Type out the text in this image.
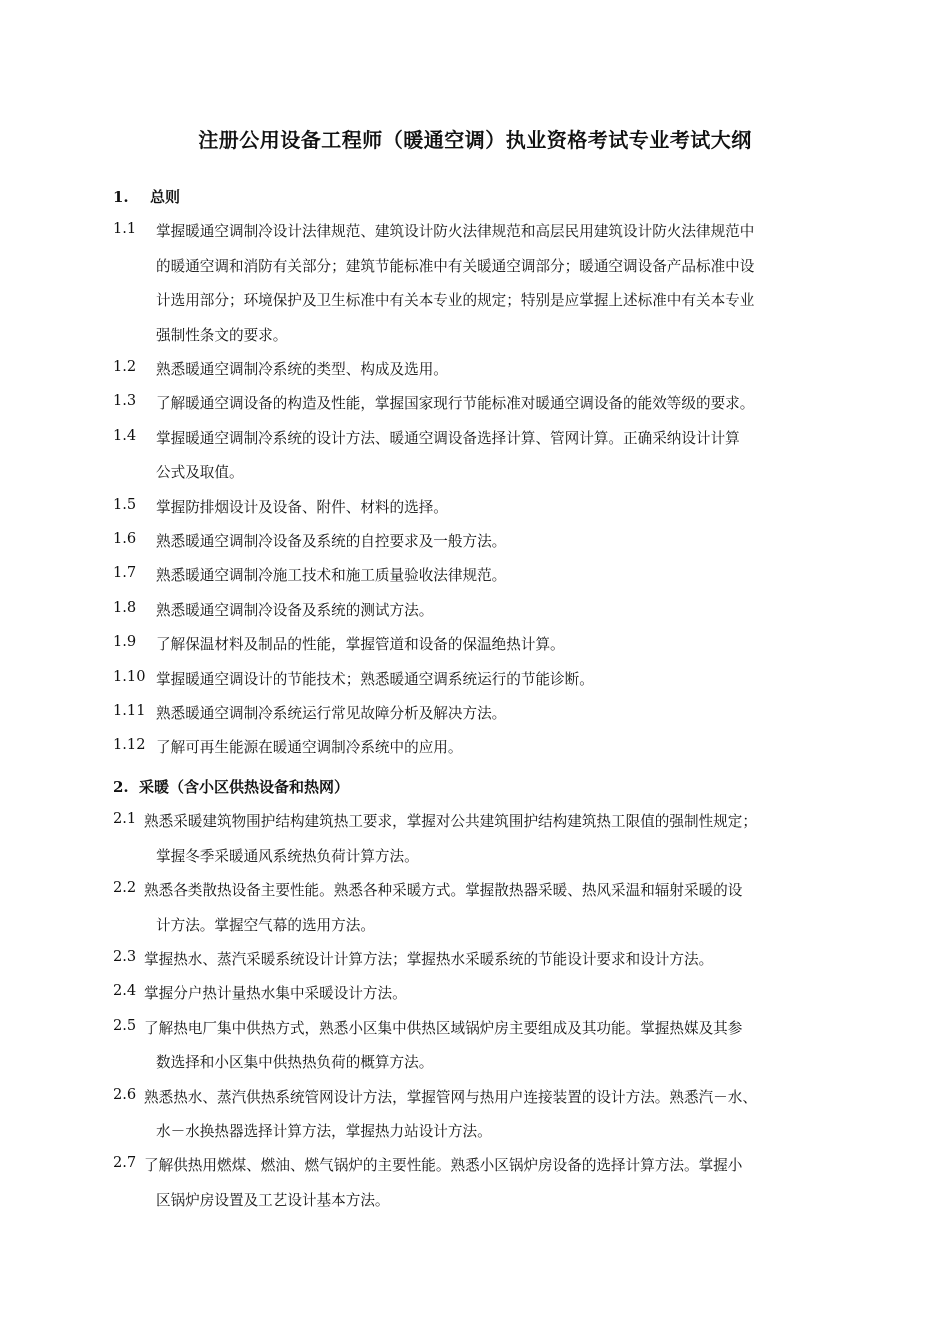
注册公用设备工程师（暖通空调）执业资格考试专业考试大纲
1. 总则
1.1 掌握暖通空调制冷设计法律规范、建筑设计防火法律规范和高层民用建筑设计防火法律规范中
的暖通空调和消防有关部分；建筑节能标准中有关暖通空调部分；暖通空调设备产品标准中设
计选用部分；环境保护及卫生标准中有关本专业的规定；特别是应掌握上述标准中有关本专业
强制性条文的要求。
1.2 熟悉暖通空调制冷系统的类型、构成及选用。
1.3 了解暖通空调设备的构造及性能，掌握国家现行节能标准对暖通空调设备的能效等级的要求。
1.4 掌握暖通空调制冷系统的设计方法、暖通空调设备选择计算、管网计算。正确采纳设计计算
公式及取值。
1.5 掌握防排烟设计及设备、附件、材料的选择。
1.6 熟悉暖通空调制冷设备及系统的自控要求及一般方法。
1.7 熟悉暖通空调制冷施工技术和施工质量验收法律规范。
1.8 熟悉暖通空调制冷设备及系统的测试方法。
1.9 了解保温材料及制品的性能，掌握管道和设备的保温绝热计算。
1.10 掌握暖通空调设计的节能技术；熟悉暖通空调系统运行的节能诊断。
1.11 熟悉暖通空调制冷系统运行常见故障分析及解决方法。
1.12 了解可再生能源在暖通空调制冷系统中的应用。
2. 采暖（含小区供热设备和热网）
2.1 熟悉采暖建筑物围护结构建筑热工要求，掌握对公共建筑围护结构建筑热工限值的强制性规定；
掌握冬季采暖通风系统热负荷计算方法。
2.2 熟悉各类散热设备主要性能。熟悉各种采暖方式。掌握散热器采暖、热风采温和辐射采暖的设
计方法。掌握空气幕的选用方法。
2.3 掌握热水、蒸汽采暖系统设计计算方法；掌握热水采暖系统的节能设计要求和设计方法。
2.4 掌握分户热计量热水集中采暖设计方法。
2.5 了解热电厂集中供热方式，熟悉小区集中供热区域锅炉房主要组成及其功能。掌握热媒及其参
数选择和小区集中供热热负荷的概算方法。
2.6 熟悉热水、蒸汽供热系统管网设计方法，掌握管网与热用户连接装置的设计方法。熟悉汽－水、
水－水换热器选择计算方法，掌握热力站设计方法。
2.7 了解供热用燃煤、燃油、燃气锅炉的主要性能。熟悉小区锅炉房设备的选择计算方法。掌握小
区锅炉房设置及工艺设计基本方法。
